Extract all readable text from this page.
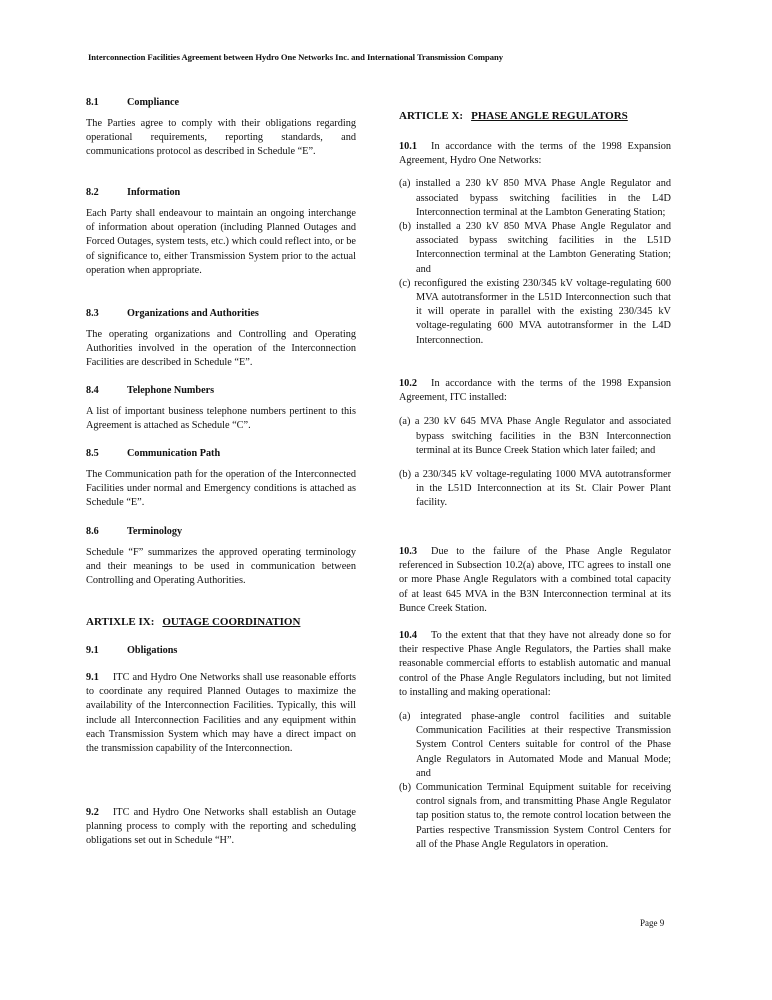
Interconnection Facilities Agreement between Hydro One Networks Inc. and International Transmission Company
8.1	Compliance

The Parties agree to comply with their obligations regarding operational requirements, reporting standards, and communications protocol as described in Schedule “E”.

8.2	Information

Each Party shall endeavour to maintain an ongoing interchange of information about operation (including Planned Outages and Forced Outages, system tests, etc.) which could reflect into, or be of significance to, either Transmission System prior to the actual operation when appropriate.

8.3	Organizations and Authorities

The operating organizations and Controlling and Operating Authorities involved in the operation of the Interconnection Facilities are described in Schedule “E”.

8.4	Telephone Numbers

A list of important business telephone numbers pertinent to this Agreement is attached as Schedule “C”.

8.5	Communication Path

The Communication path for the operation of the Interconnected Facilities under normal and Emergency conditions is attached as Schedule “E”.

8.6	Terminology

Schedule “F” summarizes the approved operating terminology and their meanings to be used in communication between Controlling and Operating Authorities.

ARTIXLE IX: OUTAGE COORDINATION
9.1	Obligations

9.1 ITC and Hydro One Networks shall use reasonable efforts to coordinate any required Planned Outages to maximize the availability of the Interconnection Facilities. Typically, this will include all Interconnection Facilities and any equipment within each Transmission System which may have a direct impact on the transmission capability of the Interconnection.

9.2 ITC and Hydro One Networks shall establish an Outage planning process to comply with the reporting and scheduling obligations set out in Schedule “H”.

ARTICLE X: PHASE ANGLE REGULATORS

10.1 In accordance with the terms of the 1998 Expansion Agreement, Hydro One Networks:

(a) installed a 230 kV 850 MVA Phase Angle Regulator and associated bypass switching facilities in the L4D Interconnection terminal at the Lambton Generating Station;
(b) installed a 230 kV 850 MVA Phase Angle Regulator and associated bypass switching facilities in the L51D Interconnection terminal at the Lambton Generating Station; and
(c) reconfigured the existing 230/345 kV voltage-regulating 600 MVA autotransformer in the L51D Interconnection such that it will operate in parallel with the existing 230/345 kV voltage-regulating 600 MVA autotransformer in the L4D Interconnection.

10.2 In accordance with the terms of the 1998 Expansion Agreement, ITC installed:

(a) a 230 kV 645 MVA Phase Angle Regulator and associated bypass switching facilities in the B3N Interconnection terminal at its Bunce Creek Station which later failed; and
(b) a 230/345 kV voltage-regulating 1000 MVA autotransformer in the L51D Interconnection at its St. Clair Power Plant facility.

10.3 Due to the failure of the Phase Angle Regulator referenced in Subsection 10.2(a) above, ITC agrees to install one or more Phase Angle Regulators with a combined total capacity of at least 645 MVA in the B3N Interconnection terminal at its Bunce Creek Station.

10.4 To the extent that that they have not already done so for their respective Phase Angle Regulators, the Parties shall make reasonable commercial efforts to establish automatic and manual control of the Phase Angle Regulators including, but not limited to installing and making operational:

(a) integrated phase-angle control facilities and suitable Communication Facilities at their respective Transmission System Control Centers suitable for control of the Phase Angle Regulators in Automated Mode and Manual Mode; and
(b) Communication Terminal Equipment suitable for receiving control signals from, and transmitting Phase Angle Regulator tap position status to, the remote control location between the Parties respective Transmission System Control Centers for all of the Phase Angle Regulators in operation.
Page 9
